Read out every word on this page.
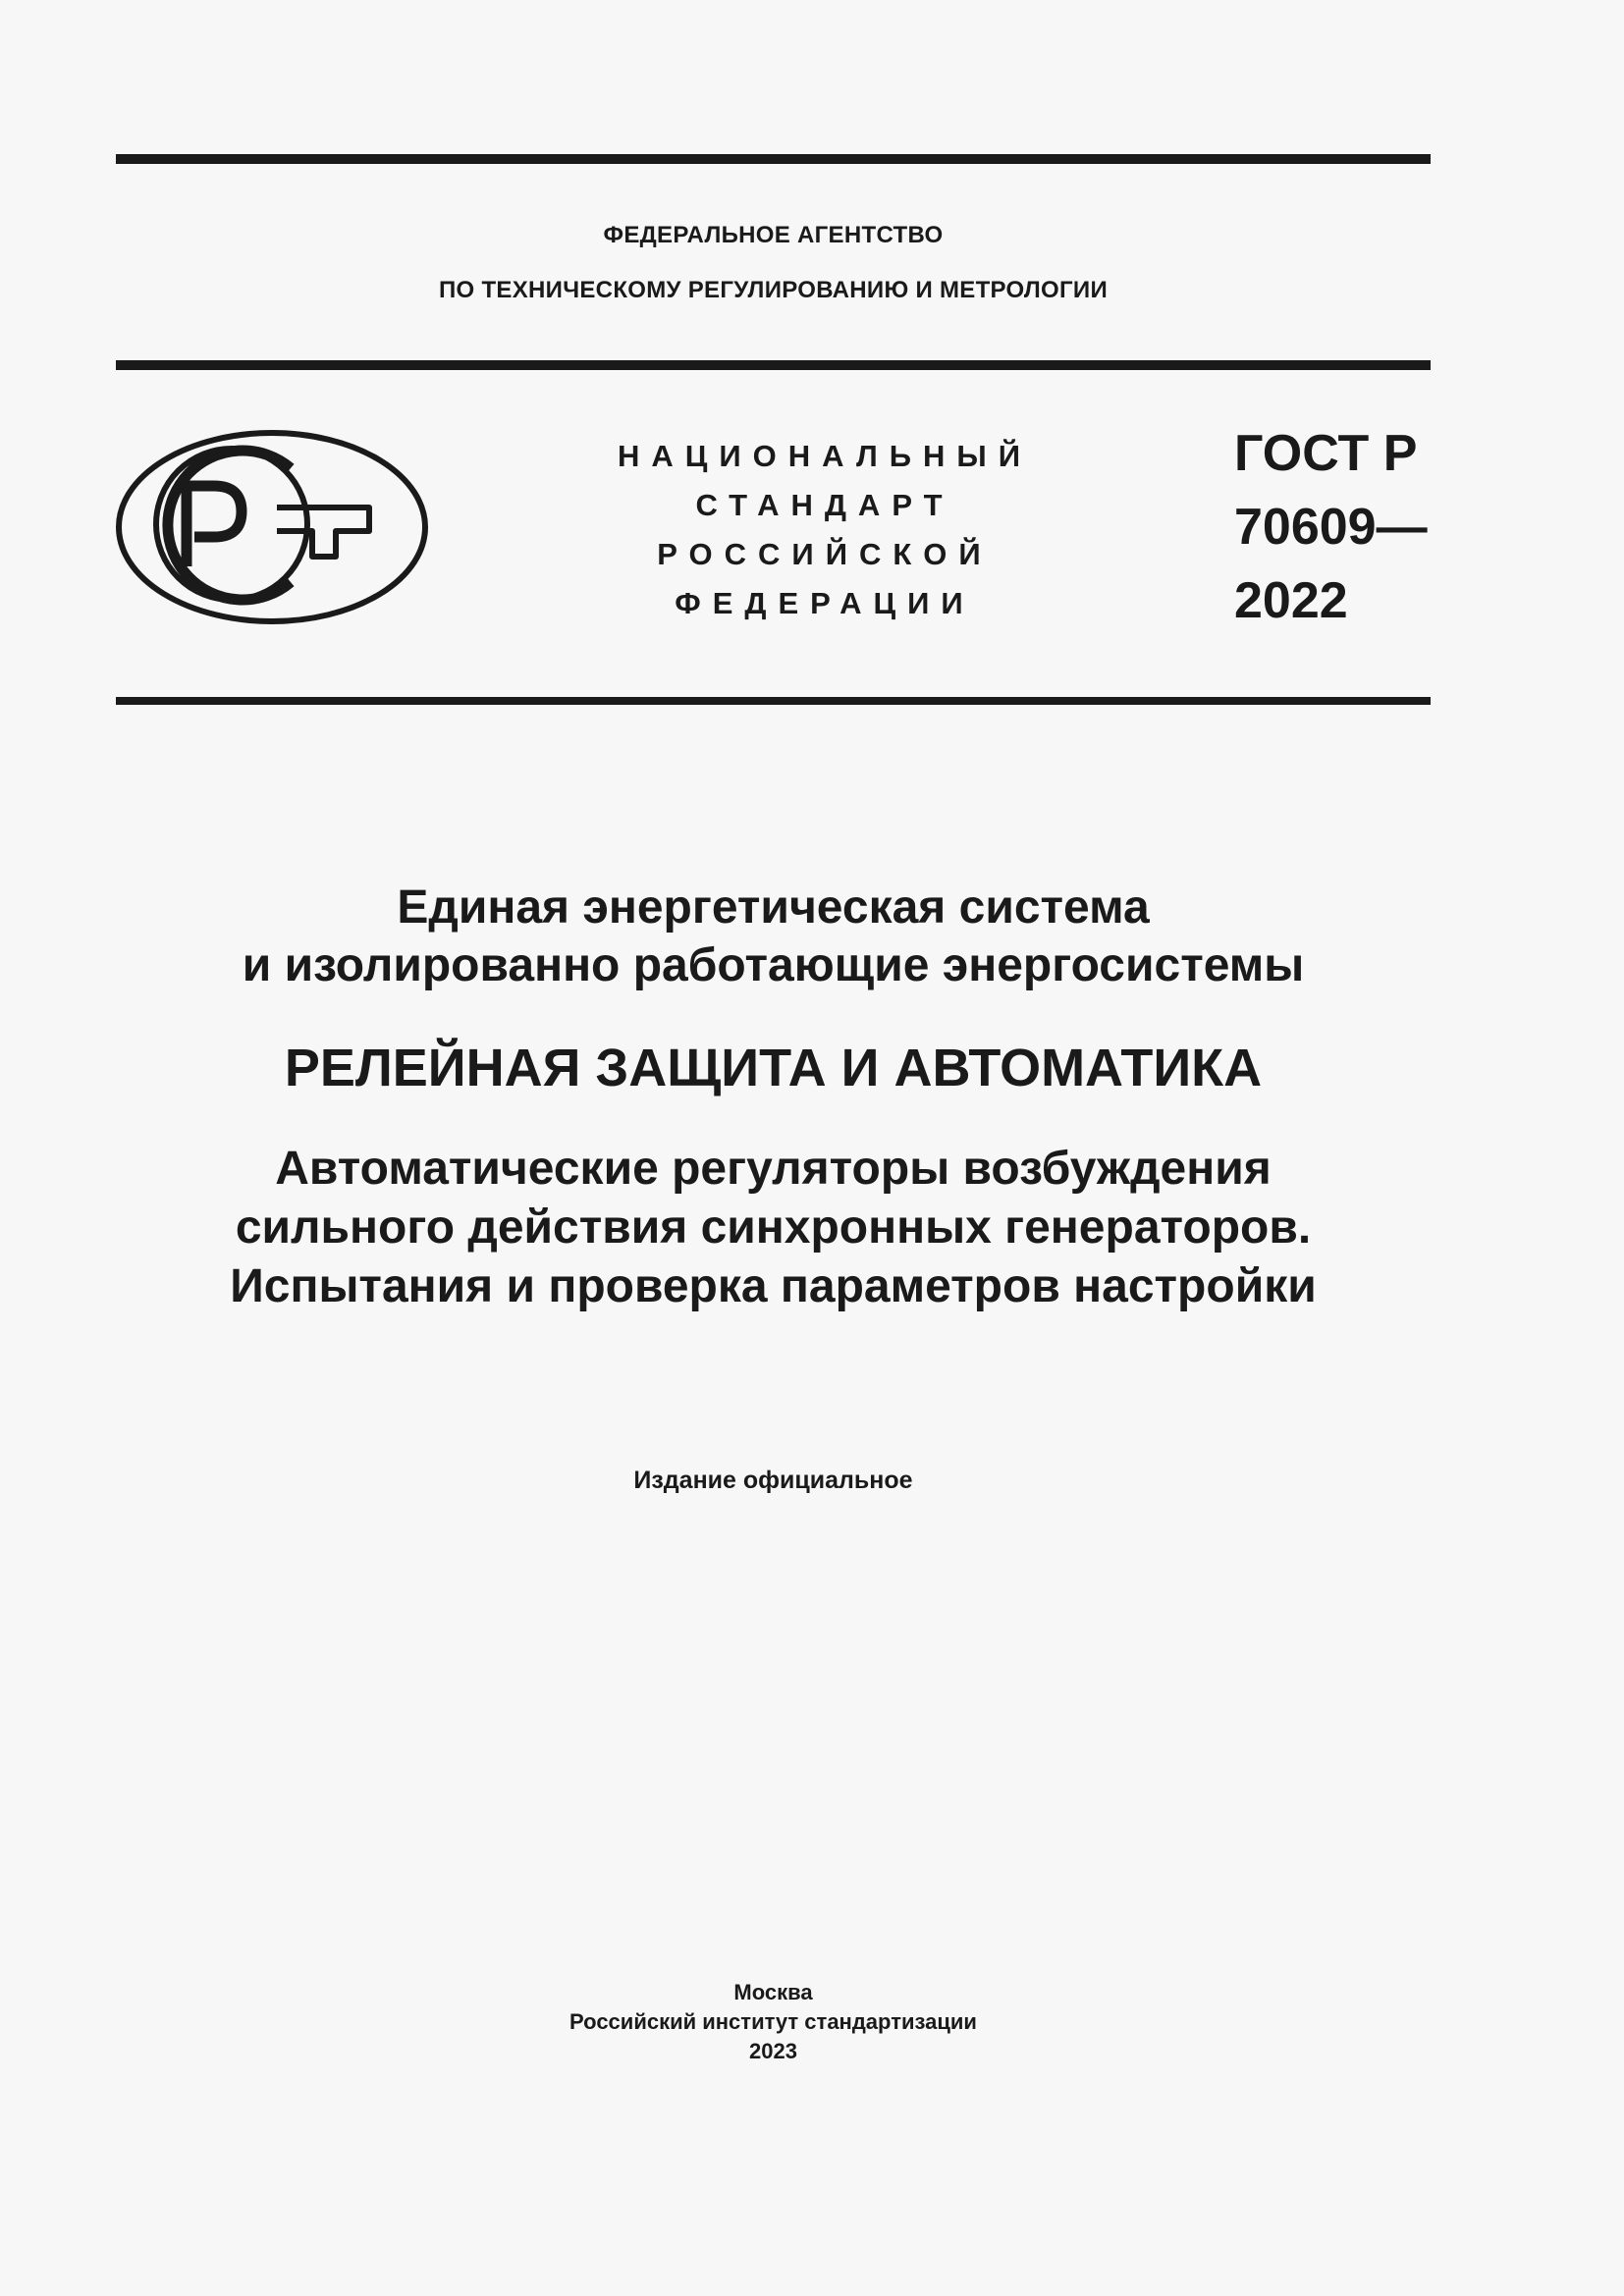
ФЕДЕРАЛЬНОЕ АГЕНТСТВО
ПО ТЕХНИЧЕСКОМУ РЕГУЛИРОВАНИЮ И МЕТРОЛОГИИ
НАЦИОНАЛЬНЫЙ
СТАНДАРТ
РОССИЙСКОЙ
ФЕДЕРАЦИИ
ГОСТ Р
70609—
2022
Единая энергетическая система
и изолированно работающие энергосистемы
РЕЛЕЙНАЯ ЗАЩИТА И АВТОМАТИКА
Автоматические регуляторы возбуждения
сильного действия синхронных генераторов.
Испытания и проверка параметров настройки
Издание официальное
Москва
Российский институт стандартизации
2023
